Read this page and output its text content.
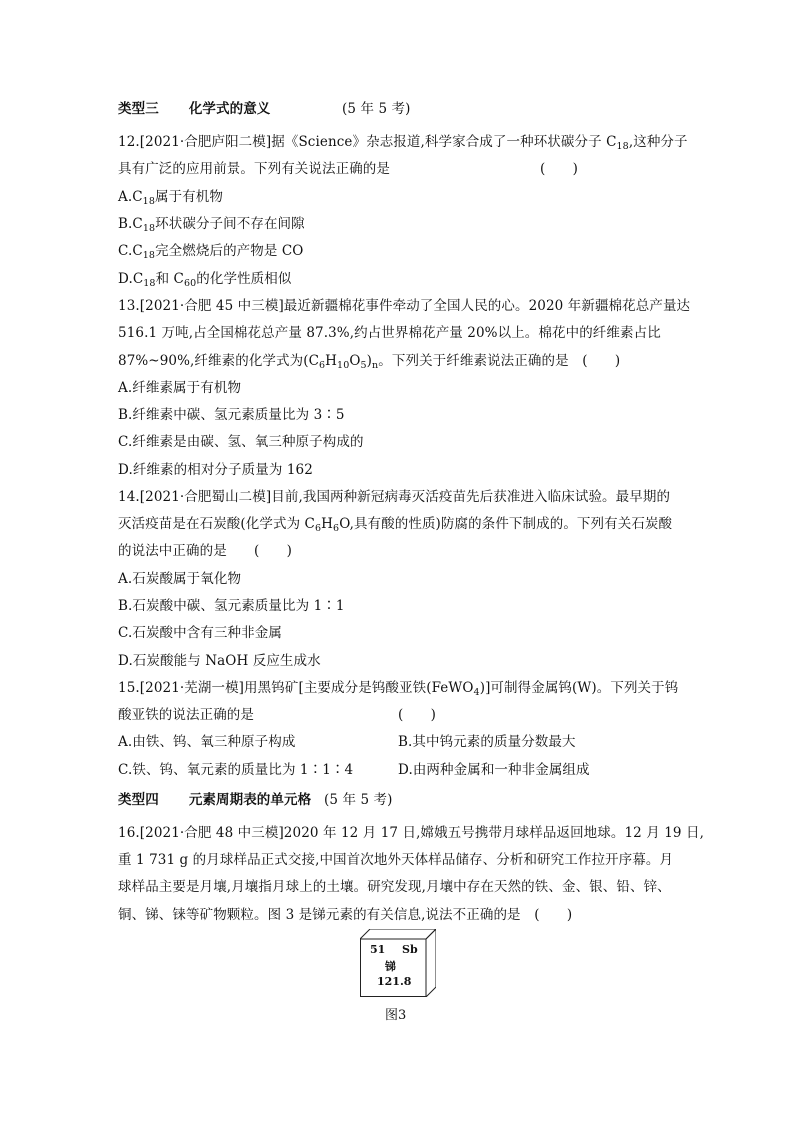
类型三 化学式的意义	(5 年 5 考)
12.[2021·合肥庐阳二模]据《Science》杂志报道,科学家合成了一种环状碳分子 $C_{18}$,这种分子
具有广泛的应用前景。下列有关说法正确的是	(　　)
$A.C_{18}$属于有机物
$B.C_{18}$环状碳分子间不存在间隙
$C.C_{18}$完全燃烧后的产物是 CO
$D.C_{18}$和 $C_{60}$的化学性质相似
13.[2021·合肥 45 中三模]最近新疆棉花事件牵动了全国人民的心。2020 年新疆棉花总产量达
516.1 万吨,占全国棉花总产量 87.3%,约占世界棉花产量 20%以上。棉花中的纤维素占比
87%~90%,纤维素的化学式为$(C_6H_{10}O_5)_n$。下列关于纤维素说法正确的是　(　　)
A.纤维素属于有机物
B.纤维素中碳、氢元素质量比为 3∶5
C.纤维素是由碳、氢、氧三种原子构成的
D.纤维素的相对分子质量为 162
14.[2021·合肥蜀山二模]目前,我国两种新冠病毒灭活疫苗先后获准进入临床试验。最早期的
灭活疫苗是在石炭酸(化学式为 $C_6H_6O$,具有酸的性质)防腐的条件下制成的。下列有关石炭酸
的说法中正确的是　　(　　)
A.石炭酸属于氧化物
B.石炭酸中碳、氢元素质量比为 1∶1
C.石炭酸中含有三种非金属
D.石炭酸能与 NaOH 反应生成水
15.[2021·芜湖一模]用黑钨矿[主要成分是钨酸亚铁(FeWO$_4$)]可制得金属钨(W)。下列关于钨
酸亚铁的说法正确的是	(　　)
A.由铁、钨、氧三种原子构成	B.其中钨元素的质量分数最大
C.铁、钨、氧元素的质量比为 1∶1∶4	D.由两种金属和一种非金属组成
类型四 元素周期表的单元格 (5 年 5 考)
16.[2021·合肥 48 中三模]2020 年 12 月 17 日,嫦娥五号携带月球样品返回地球。12 月 19 日,
重 1 731 g 的月球样品正式交接,中国首次地外天体样品储存、分析和研究工作拉开序幕。月
球样品主要是月壤,月壤指月球上的土壤。研究发现,月壤中存在天然的铁、金、银、铅、锌、
铜、锑、铼等矿物颗粒。图 3 是锑元素的有关信息,说法不正确的是　(　　)
51 Sb
锑
121.8
图3
